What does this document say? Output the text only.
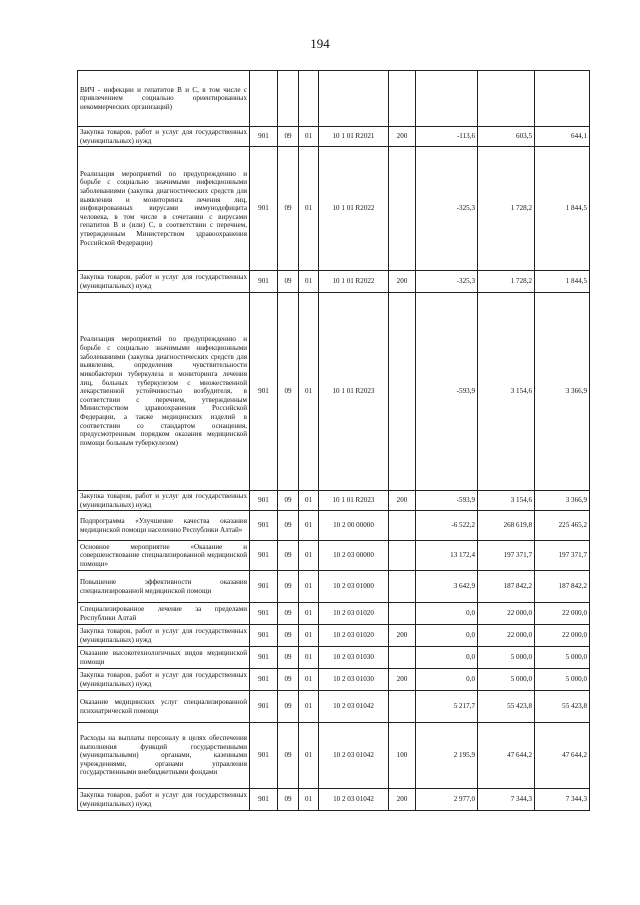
194
ВИЧ - инфекции и гепатитов В и С, в том числе с привлечением социально ориентированных некоммерческих организаций)								
Закупка товаров, работ и услуг для государственных (муниципальных) нужд	901	09	01	10 1 01 R2021	200	-113,6	603,5	644,1
Реализация мероприятий по предупреждению и борьбе с социально значимыми инфекционными заболеваниями (закупка диагностических средств для выявления и мониторинга лечения лиц, инфицированных вирусами иммунодефицита человека, в том числе в сочетании с вирусами гепатитов В и (или) С, в соответствии с перечнем, утвержденным Министерством здравоохранения Российской Федерации)	901	09	01	10 1 01 R2022		-325,3	1 728,2	1 844,5
Закупка товаров, работ и услуг для государственных (муниципальных) нужд	901	09	01	10 1 01 R2022	200	-325,3	1 728,2	1 844,5
Реализация мероприятий по предупреждению и борьбе с социально значимыми инфекционными заболеваниями (закупка диагностических средств для выявления, определения чувствительности микобактерии туберкулеза и мониторинга лечения лиц, больных туберкулезом с множественной лекарственной устойчивостью возбудителя, в соответствии с перечнем, утвержденным Министерством здравоохранения Российской Федерации, а также медицинских изделий в соответствии со стандартом оснащения, предусмотренным порядком оказания медицинской помощи больным туберкулезом)	901	09	01	10 1 01 R2023		-593,9	3 154,6	3 366,9
Закупка товаров, работ и услуг для государственных (муниципальных) нужд	901	09	01	10 1 01 R2023	200	-593,9	3 154,6	3 366,9
Подпрограмма «Улучшение качества оказания медицинской помощи населению Республики Алтай»	901	09	01	10 2 00 00000		-6 522,2	268 619,8	225 465,2
Основное мероприятие «Оказание и совершенствование специализированной медицинской помощи»	901	09	01	10 2 03 00000		13 172,4	197 371,7	197 371,7
Повышение эффективности оказания специализированной медицинской помощи	901	09	01	10 2 03 01000		3 642,9	187 842,2	187 842,2
Специализированное лечение за пределами Республики Алтай	901	09	01	10 2 03 01020		0,0	22 000,0	22 000,0
Закупка товаров, работ и услуг для государственных (муниципальных) нужд	901	09	01	10 2 03 01020	200	0,0	22 000,0	22 000,0
Оказание высокотехнологичных видов медицинской помощи	901	09	01	10 2 03 01030		0,0	5 000,0	5 000,0
Закупка товаров, работ и услуг для государственных (муниципальных) нужд	901	09	01	10 2 03 01030	200	0,0	5 000,0	5 000,0
Оказание медицинских услуг специализированной психиатрической помощи	901	09	01	10 2 03 01042		5 217,7	55 423,8	55 423,8
Расходы на выплаты персоналу в целях обеспечения выполнения функций государственными (муниципальными) органами, казенными учреждениями, органами управления государственными внебюджетными фондами	901	09	01	10 2 03 01042	100	2 195,9	47 644,2	47 644,2
Закупка товаров, работ и услуг для государственных (муниципальных) нужд	901	09	01	10 2 03 01042	200	2 977,0	7 344,3	7 344,3
